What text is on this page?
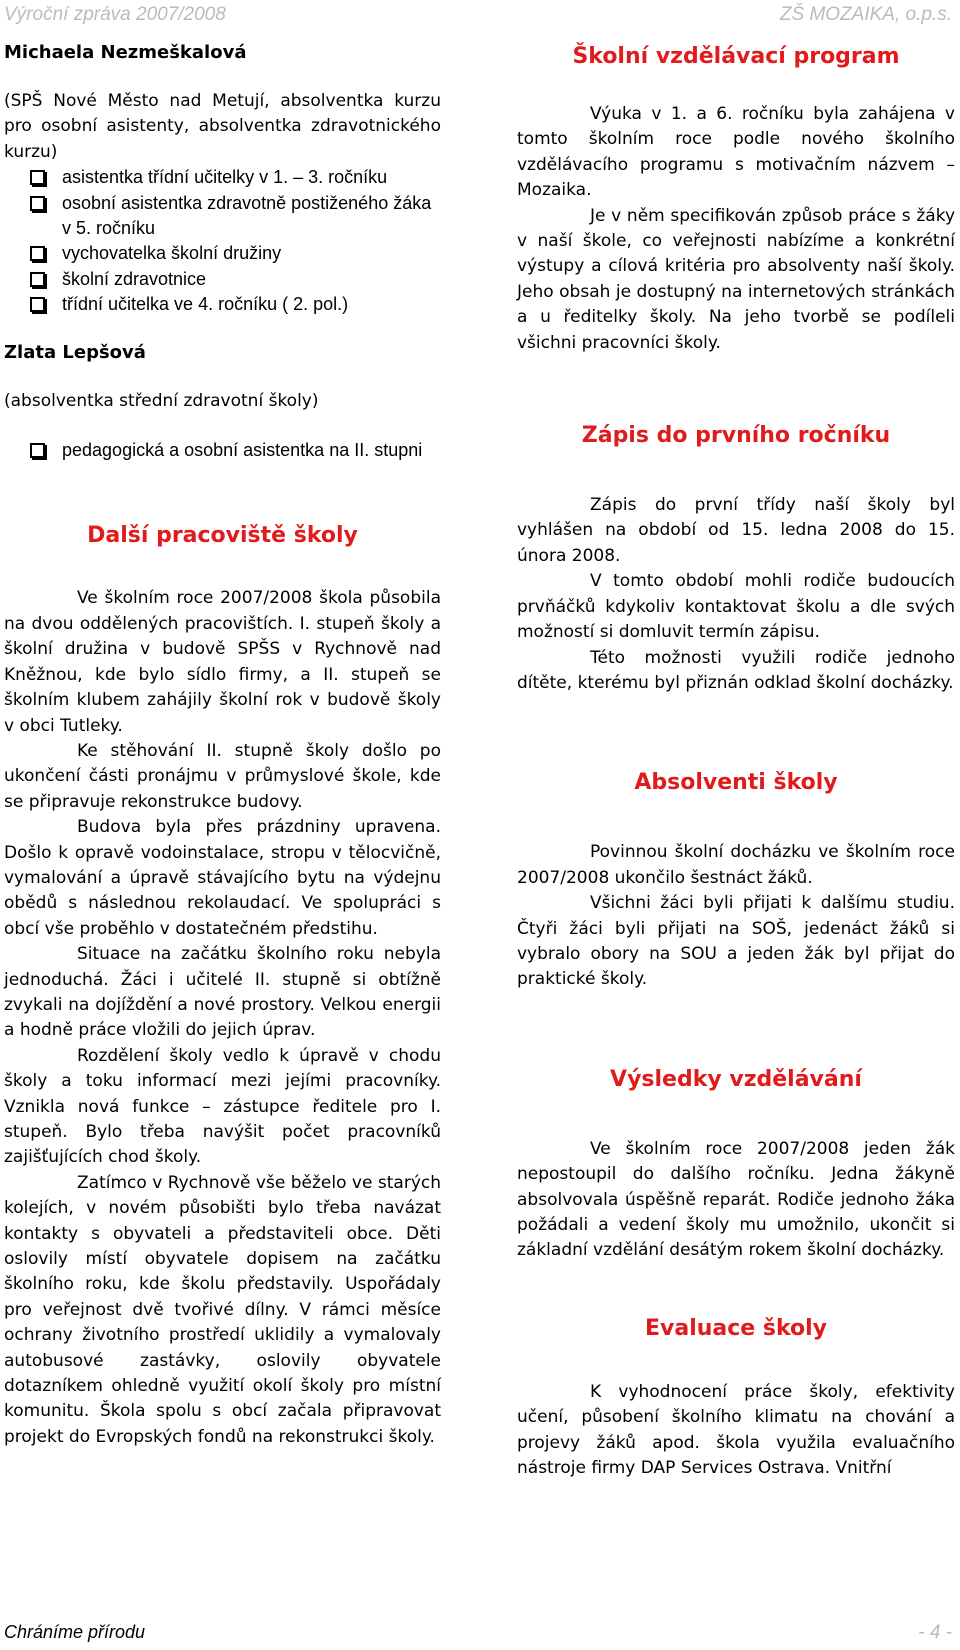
Výroční zpráva 2007/2008	ZŠ MOZAIKA, o.p.s.

Michaela Nezmeškalová

(SPŠ Nové Město nad Metují, absolventka kurzu pro osobní asistenty, absolventka zdravotnického kurzu)

asistentka třídní učitelky v 1. – 3. ročníku
osobní asistentka zdravotně postiženého žáka v 5. ročníku
vychovatelka školní družiny
školní zdravotnice
třídní učitelka ve 4. ročníku ( 2. pol.)

Zlata Lepšová

(absolventka střední zdravotní školy)

pedagogická a osobní asistentka na II. stupni
Další pracoviště školy

Ve školním roce 2007/2008 škola působila na dvou oddělených pracovištích. I. stupeň školy a školní družina v budově SPŠS v Rychnově nad Kněžnou, kde bylo sídlo firmy, a II. stupeň se školním klubem zahájily školní rok v budově školy v obci Tutleky.

Ke stěhování II. stupně školy došlo po ukončení části pronájmu v průmyslové škole, kde se připravuje rekonstrukce budovy.

Budova byla přes prázdniny upravena. Došlo k opravě vodoinstalace, stropu v tělocvičně, vymalování a úpravě stávajícího bytu na výdejnu obědů s následnou rekolaudací. Ve spolupráci s obcí vše proběhlo v dostatečném předstihu.

Situace na začátku školního roku nebyla jednoduchá. Žáci i učitelé II. stupně si obtížně zvykali na dojíždění a nové prostory. Velkou energii a hodně práce vložili do jejich úprav.

Rozdělení školy vedlo k úpravě v chodu školy a toku informací mezi jejími pracovníky. Vznikla nová funkce – zástupce ředitele pro I. stupeň. Bylo třeba navýšit počet pracovníků zajišťujících chod školy.

Zatímco v Rychnově vše běželo ve starých kolejích, v novém působišti bylo třeba navázat kontakty s obyvateli a představiteli obce. Děti oslovily místí obyvatele dopisem na začátku školního roku, kde školu představily. Uspořádaly pro veřejnost dvě tvořivé dílny. V rámci měsíce ochrany životního prostředí uklidily a vymalovaly autobusové zastávky, oslovily obyvatele dotazníkem ohledně využití okolí školy pro místní komunitu. Škola spolu s obcí začala připravovat projekt do Evropských fondů na rekonstrukci školy.

Školní vzdělávací program

Výuka v 1. a 6. ročníku byla zahájena v tomto školním roce podle nového školního vzdělávacího programu s motivačním názvem – Mozaika.

Je v něm specifikován způsob práce s žáky v naší škole, co veřejnosti nabízíme a konkrétní výstupy a cílová kritéria pro absolventy naší školy. Jeho obsah je dostupný na internetových stránkách a u ředitelky školy. Na jeho tvorbě se podíleli všichni pracovníci školy.

Zápis do prvního ročníku

Zápis do první třídy naší školy byl vyhlášen na období od 15. ledna 2008 do 15. února 2008.

V tomto období mohli rodiče budoucích prvňáčků kdykoliv kontaktovat školu a dle svých možností si domluvit termín zápisu.

Této možnosti využili rodiče jednoho dítěte, kterému byl přiznán odklad školní docházky.

Absolventi školy

Povinnou školní docházku ve školním roce 2007/2008 ukončilo šestnáct žáků.

Všichni žáci byli přijati k dalšímu studiu. Čtyři žáci byli přijati na SOŠ, jedenáct žáků si vybralo obory na SOU a jeden žák byl přijat do praktické školy.

Výsledky vzdělávání

Ve školním roce 2007/2008 jeden žák nepostoupil do dalšího ročníku. Jedna žákyně absolvovala úspěšně reparát. Rodiče jednoho žáka požádali a vedení školy mu umožnilo, ukončit si základní vzdělání desátým rokem školní docházky.

Evaluace školy

K vyhodnocení práce školy, efektivity učení, působení školního klimatu na chování a projevy žáků apod. škola využila evaluačního nástroje firmy DAP Services Ostrava. Vnitřní

Chráníme přírodu	- 4 -
